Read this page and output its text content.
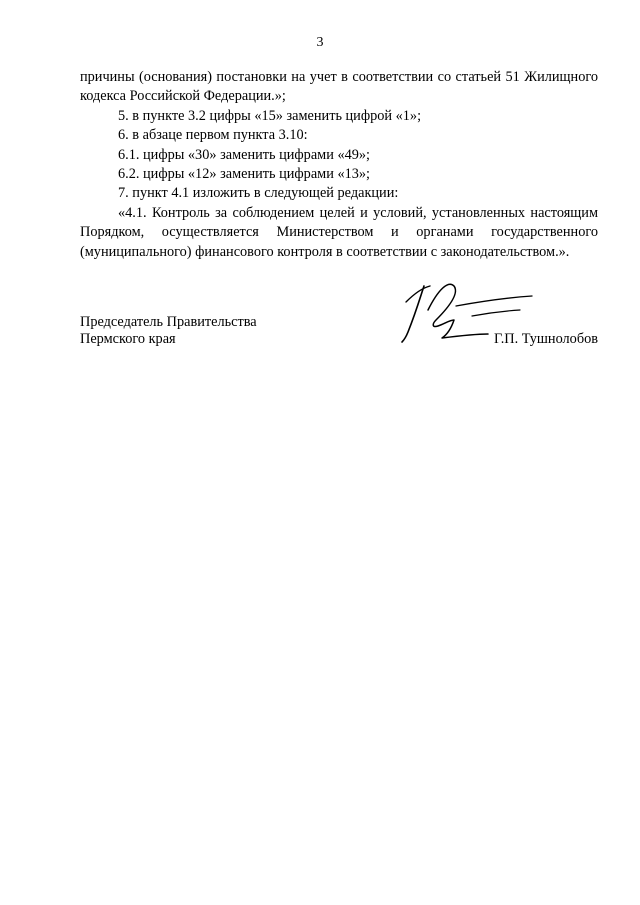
3

причины (основания) постановки на учет в соответствии со статьей 51 Жилищного кодекса Российской Федерации.»;

5. в пункте 3.2 цифры «15» заменить цифрой «1»;

6. в абзаце первом пункта 3.10:

6.1. цифры «30» заменить цифрами «49»;

6.2. цифры «12» заменить цифрами «13»;

7. пункт 4.1 изложить в следующей редакции:

«4.1. Контроль за соблюдением целей и условий, установленных настоящим Порядком, осуществляется Министерством и органами государственного (муниципального) финансового контроля в соответствии с законодательством.».

Председатель Правительства
Пермского края	Г.П. Тушнолобов
